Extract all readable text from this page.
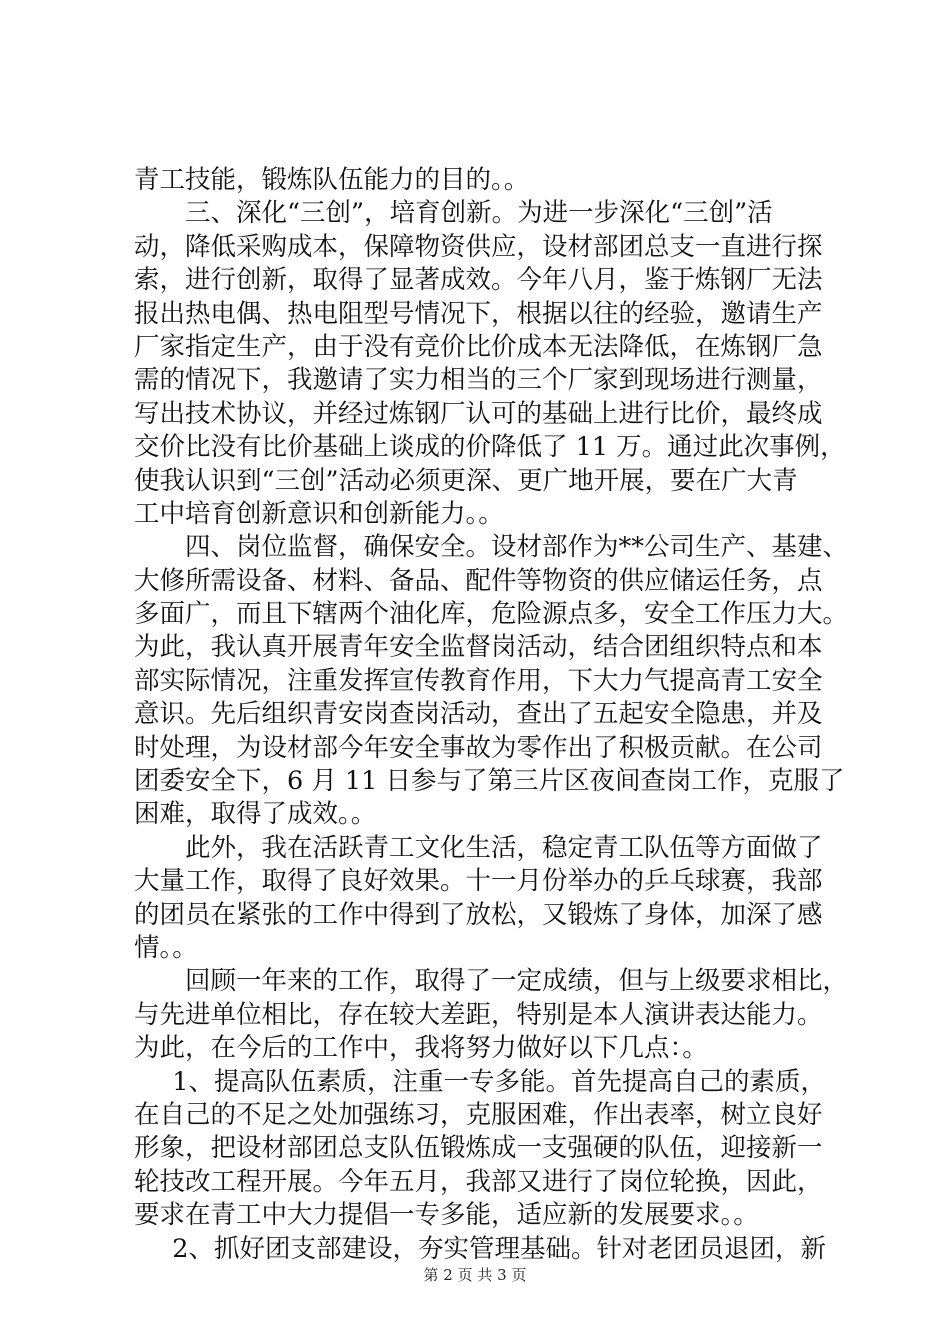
青工技能，锻炼队伍能力的目的。。
三、深化“三创”，培育创新。为进一步深化“三创”活
动，降低采购成本，保障物资供应，设材部团总支一直进行探
索，进行创新，取得了显著成效。今年八月，鉴于炼钢厂无法
报出热电偶、热电阻型号情况下，根据以往的经验，邀请生产
厂家指定生产，由于没有竞价比价成本无法降低，在炼钢厂急
需的情况下，我邀请了实力相当的三个厂家到现场进行测量，
写出技术协议，并经过炼钢厂认可的基础上进行比价，最终成
交价比没有比价基础上谈成的价降低了 11 万。通过此次事例，
使我认识到“三创”活动必须更深、更广地开展，要在广大青
工中培育创新意识和创新能力。。
四、岗位监督，确保安全。设材部作为**公司生产、基建、
大修所需设备、材料、备品、配件等物资的供应储运任务，点
多面广，而且下辖两个油化库，危险源点多，安全工作压力大。
为此，我认真开展青年安全监督岗活动，结合团组织特点和本
部实际情况，注重发挥宣传教育作用，下大力气提高青工安全
意识。先后组织青安岗查岗活动，查出了五起安全隐患，并及
时处理，为设材部今年安全事故为零作出了积极贡献。在公司
团委安全下，6 月 11 日参与了第三片区夜间查岗工作，克服了
困难，取得了成效。。
此外，我在活跃青工文化生活，稳定青工队伍等方面做了
大量工作，取得了良好效果。十一月份举办的乒乓球赛，我部
的团员在紧张的工作中得到了放松，又锻炼了身体，加深了感
情。。
回顾一年来的工作，取得了一定成绩，但与上级要求相比，
与先进单位相比，存在较大差距，特别是本人演讲表达能力。
为此，在今后的工作中，我将努力做好以下几点：。
1、提高队伍素质，注重一专多能。首先提高自己的素质，
在自己的不足之处加强练习，克服困难，作出表率，树立良好
形象，把设材部团总支队伍锻炼成一支强硬的队伍，迎接新一
轮技改工程开展。今年五月，我部又进行了岗位轮换，因此，
要求在青工中大力提倡一专多能，适应新的发展要求。。
2、抓好团支部建设，夯实管理基础。针对老团员退团，新
第 2 页 共 3 页
